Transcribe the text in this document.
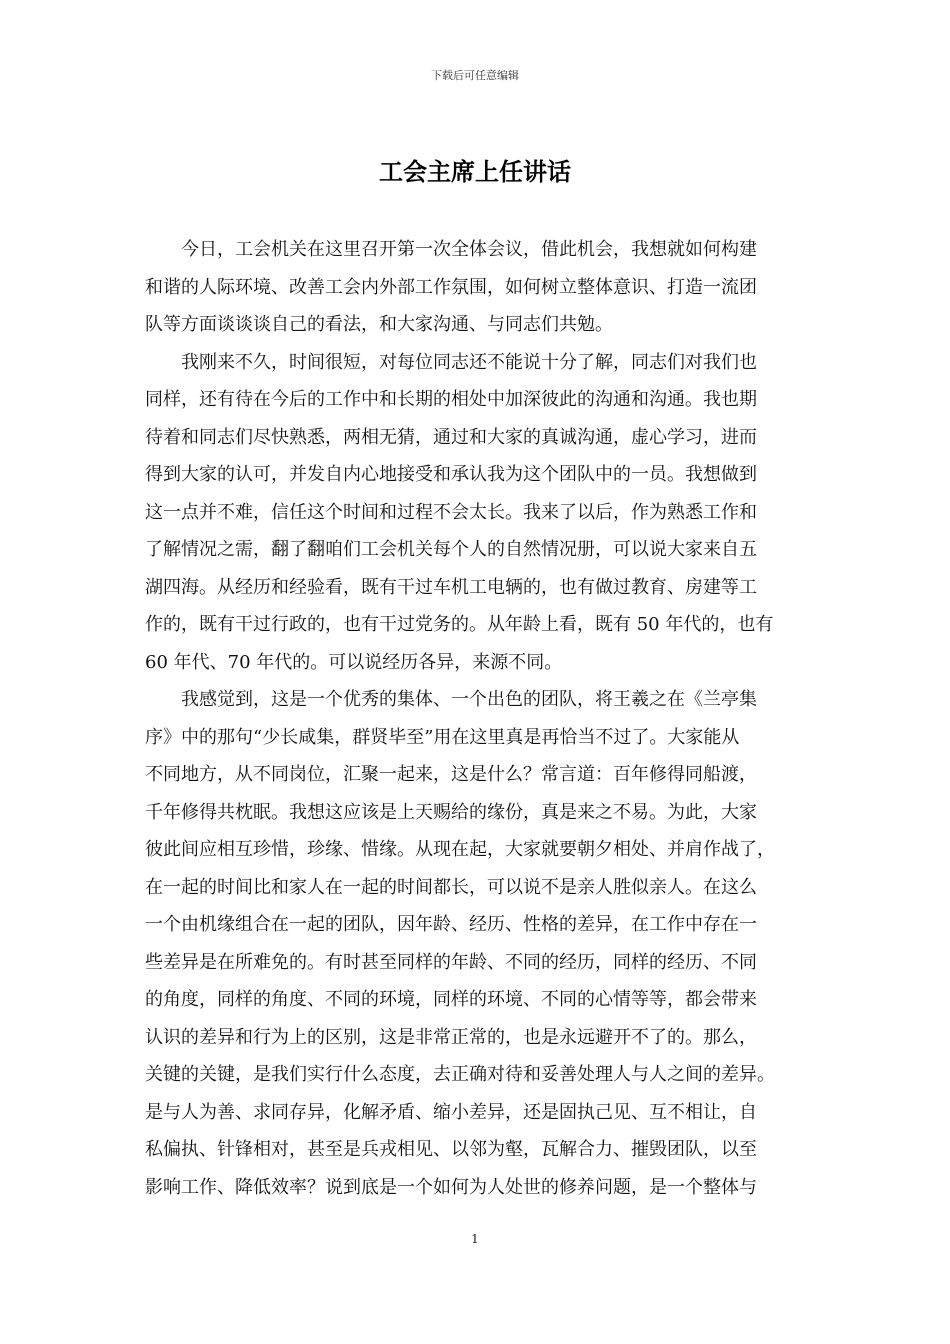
下载后可任意编辑
工会主席上任讲话
今日，工会机关在这里召开第一次全体会议，借此机会，我想就如何构建
和谐的人际环境、改善工会内外部工作氛围，如何树立整体意识、打造一流团
队等方面谈谈谈自己的看法，和大家沟通、与同志们共勉。
我刚来不久，时间很短，对每位同志还不能说十分了解，同志们对我们也
同样，还有待在今后的工作中和长期的相处中加深彼此的沟通和沟通。我也期
待着和同志们尽快熟悉，两相无猜，通过和大家的真诚沟通，虚心学习，进而
得到大家的认可，并发自内心地接受和承认我为这个团队中的一员。我想做到
这一点并不难，信任这个时间和过程不会太长。我来了以后，作为熟悉工作和
了解情况之需，翻了翻咱们工会机关每个人的自然情况册，可以说大家来自五
湖四海。从经历和经验看，既有干过车机工电辆的，也有做过教育、房建等工
作的，既有干过行政的，也有干过党务的。从年龄上看，既有 50 年代的，也有
60 年代、70 年代的。可以说经历各异，来源不同。
我感觉到，这是一个优秀的集体、一个出色的团队，将王羲之在《兰亭集
序》中的那句“少长咸集，群贤毕至”用在这里真是再恰当不过了。大家能从
不同地方，从不同岗位，汇聚一起来，这是什么？常言道：百年修得同船渡，
千年修得共枕眠。我想这应该是上天赐给的缘份，真是来之不易。为此，大家
彼此间应相互珍惜，珍缘、惜缘。从现在起，大家就要朝夕相处、并肩作战了，
在一起的时间比和家人在一起的时间都长，可以说不是亲人胜似亲人。在这么
一个由机缘组合在一起的团队，因年龄、经历、性格的差异，在工作中存在一
些差异是在所难免的。有时甚至同样的年龄、不同的经历，同样的经历、不同
的角度，同样的角度、不同的环境，同样的环境、不同的心情等等，都会带来
认识的差异和行为上的区别，这是非常正常的，也是永远避开不了的。那么，
关键的关键，是我们实行什么态度，去正确对待和妥善处理人与人之间的差异。
是与人为善、求同存异，化解矛盾、缩小差异，还是固执己见、互不相让，自
私偏执、针锋相对，甚至是兵戎相见、以邻为壑，瓦解合力、摧毁团队，以至
影响工作、降低效率？说到底是一个如何为人处世的修养问题，是一个整体与
1
